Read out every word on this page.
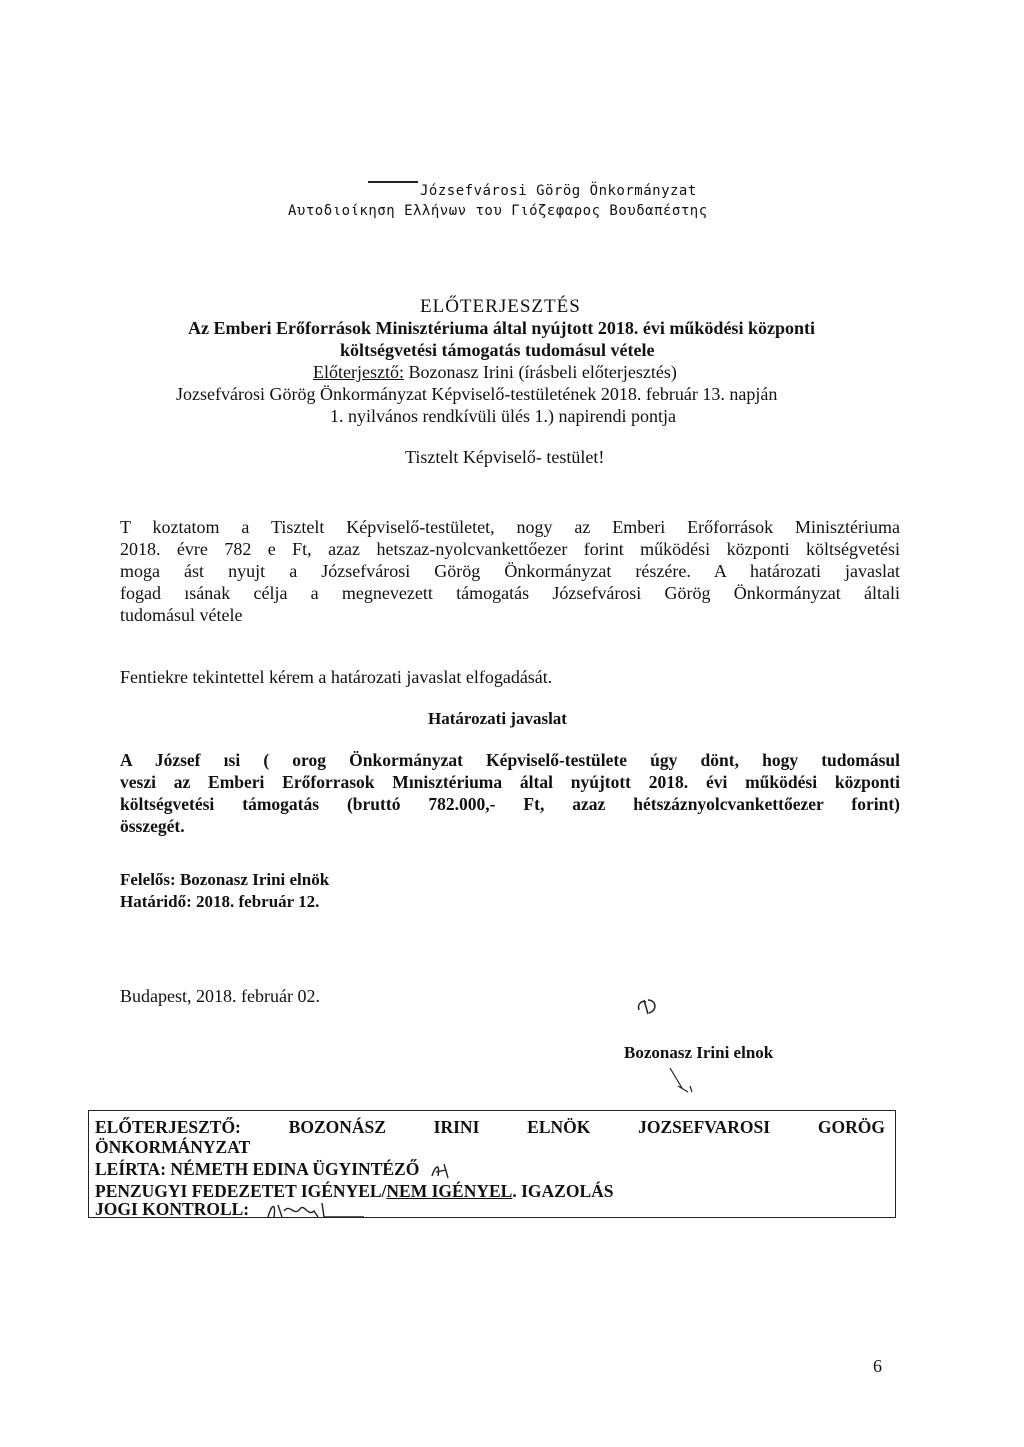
Józsefvárosi Görög Önkormányzat
Αυτοδιοίκηση Ελλήνων του Γιόζεφαρος Βουδαπέστης
ELŐTERJESZTÉS
Az Emberi Erőforrások Minisztériuma által nyújtott 2018. évi működési központi
költségvetési támogatás tudomásul vétele
Előterjesztő: Bozonasz Irini (írásbeli előterjesztés)
Jozsefvárosi Görög Önkormányzat Képviselő-testületének 2018. február 13. napján
1. nyilvános rendkívüli ülés 1.) napirendi pontja
Tisztelt Képviselő- testület!
T koztatom a Tisztelt Képviselő-testületet, nogy az Emberi Erőforrások Minisztériuma
2018. évre 782 e Ft, azaz hetszaz-nyolcvankettőezer forint működési központi költségvetési
moga ást nyujt a Józsefvárosi Görög Önkormányzat részére. A határozati javaslat
fogad ısának célja a megnevezett támogatás Józsefvárosi Görög Önkormányzat általi
tudomásul vétele
Fentiekre tekintettel kérem a határozati javaslat elfogadását.
Határozati javaslat
A József ısi ( orog Önkormányzat Képviselő-testülete úgy dönt, hogy tudomásul
veszi az Emberi Erőforrasok Mınisztériuma által nyújtott 2018. évi működési központi
költségvetési támogatás (bruttó 782.000,- Ft, azaz hétszáznyolcvankettőezer forint)
összegét.
Felelős: Bozonasz Irini elnök
Határidő: 2018. február 12.
Budapest, 2018. február 02.
Bozonasz Irini elnok
ELŐTERJESZTŐ:	BOZONÁSZ	IRINI	ELNÖK	JOZSEFVAROSI	GORÖG
ÖNKORMÁNYZAT
LEÍRTA: NÉMETH EDINA ÜGYINTÉZŐ
PENZUGYI FEDEZETET IGÉNYEL/NEM IGÉNYEL. IGAZOLÁS
JOGI KONTROLL:
6
